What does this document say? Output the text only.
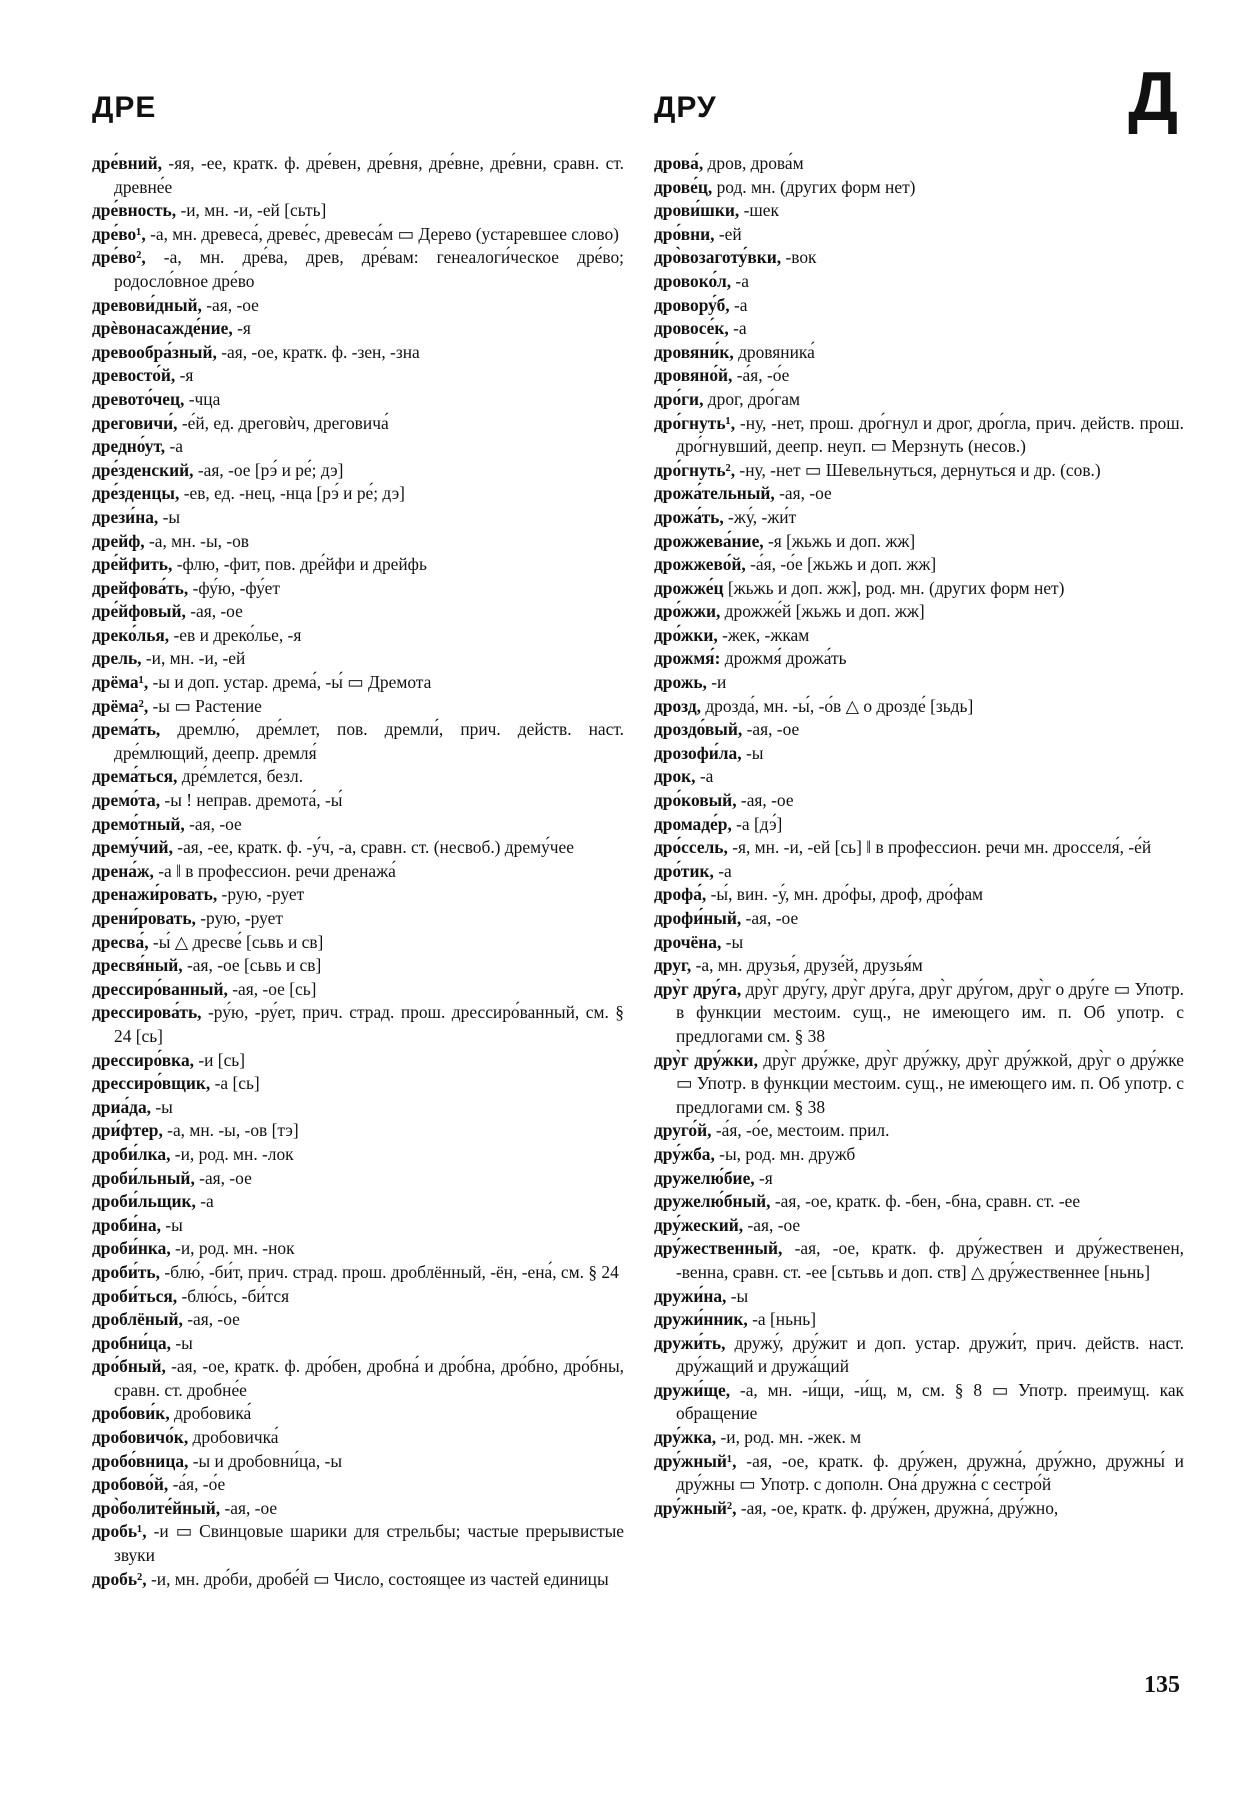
ДРЕ	ДРУ	Д

дре́вний, -яя, -ее, кратк. ф. дре́вен, дре́вня, дре́вне, дре́вни, сравн. ст. древне́е

дре́вность, -и, мн. -и, -ей [сьть]

дре́во¹, -а, мн. древеса́, древе́с, древеса́м ▭ Дерево (устаревшее слово)

дре́во², -а, мн. дре́ва, древ, дре́вам: генеалоги́ческое дре́во; родосло́вное дре́во

древови́дный, -ая, -ое

дрѐвонасажде́ние, -я

древообра́зный, -ая, -ое, кратк. ф. -зен, -зна

древосто́й, -я

древото́чец, -чца

дреговичи́, -е́й, ед. дреговѝч, дреговича́

дредно́ут, -а

дре́зденский, -ая, -ое [рэ́ и ре́; дэ]

дре́зденцы, -ев, ед. -нец, -нца [рэ́ и ре́; дэ]

дрези́на, -ы

дрейф, -а, мн. -ы, -ов

дре́йфить, -флю, -фит, пов. дре́йфи и дрейфь

дрейфова́ть, -фу́ю, -фу́ет

дре́йфовый, -ая, -ое

дреко́лья, -ев и дреко́лье, -я

дрель, -и, мн. -и, -ей

дрёма¹, -ы и доп. устар. дрема́, -ы́ ▭ Дремота

дрёма², -ы ▭ Растение

дрема́ть, дремлю́, дре́млет, пов. дремли́, прич. действ. наст. дре́млющий, деепр. дремля́

дрема́ться, дре́млется, безл.

дремо́та, -ы ! неправ. дремота́, -ы́

дремо́тный, -ая, -ое

дрему́чий, -ая, -ее, кратк. ф. -у́ч, -а, сравн. ст. (несвоб.) дрему́чее

дрена́ж, -а ‖ в профессион. речи дренажа́

дренажи́ровать, -рую, -рует

дрени́ровать, -рую, -рует

дресва́, -ы́ △ дресве́ [сьвь и св]

дресвя́ный, -ая, -ое [сьвь и св]

дрессиро́ванный, -ая, -ое [сь]

дрессирова́ть, -ру́ю, -ру́ет, прич. страд. прош. дрессиро́ванный, см. § 24 [сь]

дрессиро́вка, -и [сь]

дрессиро́вщик, -а [сь]

дриа́да, -ы

дри́фтер, -а, мн. -ы, -ов [тэ]

дроби́лка, -и, род. мн. -лок

дроби́льный, -ая, -ое

дроби́льщик, -а

дроби́на, -ы

дроби́нка, -и, род. мн. -нок

дроби́ть, -блю́, -би́т, прич. страд. прош. дроблённый, -ён, -ена́, см. § 24

дроби́ться, -блю́сь, -би́тся

дроблёный, -ая, -ое

дробни́ца, -ы

дро́бный, -ая, -ое, кратк. ф. дро́бен, дробна́ и дро́бна, дро́бно, дро́бны, сравн. ст. дробне́е

дробови́к, дробовика́

дробовичо́к, дробовичка́

дробо́вница, -ы и дробовни́ца, -ы

дробово́й, -а́я, -о́е

дро̀болите́йный, -ая, -ое

дробь¹, -и ▭ Свинцовые шарики для стрельбы; частые прерывистые звуки

дробь², -и, мн. дро́би, дробе́й ▭ Число, состоящее из частей единицы

дрова́, дров, дрова́м

дрове́ц, род. мн. (других форм нет)

дрови́шки, -шек

дро́вни, -ей

дро̀возаготу́вки, -вок

дровоко́л, -а

дровору́б, -а

дровосе́к, -а

дровяни́к, дровяника́

дровяно́й, -а́я, -о́е

дро́ги, дрог, дро́гам

дро́гнуть¹, -ну, -нет, прош. дро́гнул и дрог, дро́гла, прич. действ. прош. дро́гнувший, деепр. неуп. ▭ Мерзнуть (несов.)

дро́гнуть², -ну, -нет ▭ Шевельнуться, дернуться и др. (сов.)

дрожа́тельный, -ая, -ое

дрожа́ть, -жу́, -жи́т

дрожжева́ние, -я [жьжь и доп. жж]

дрожжево́й, -а́я, -о́е [жьжь и доп. жж]

дрожже́ц [жьжь и доп. жж], род. мн. (других форм нет)

дро́жжи, дрожже́й [жьжь и доп. жж]

дро́жки, -жек, -жкам

дрожмя́: дрожмя́ дрожа́ть

дрожь, -и

дрозд, дрозда́, мн. -ы́, -о́в △ о дрозде́ [зьдь]

дроздо́вый, -ая, -ое

дрозофи́ла, -ы

дрок, -а

дро́ковый, -ая, -ое

дромаде́р, -а [дэ́]

дро́ссель, -я, мн. -и, -ей [сь] ‖ в профессион. речи мн. дросселя́, -е́й

дро́тик, -а

дрофа́, -ы́, вин. -у́, мн. дро́фы, дроф, дро́фам

дрофи́ный, -ая, -ое

дрочёна, -ы

друг, -а, мн. друзья́, друзе́й, друзья́м

дру̀г дру́га, дру̀г дру́гу, дру̀г дру́га, дру̀г дру́гом, дру̀г о дру́ге ▭ Употр. в функции местоим. сущ., не имеющего им. п. Об употр. с предлогами см. § 38

дру̀г дру́жки, дру̀г дру́жке, дру̀г дру́жку, дру̀г дру́жкой, дру̀г о дру́жке ▭ Употр. в функции местоим. сущ., не имеющего им. п. Об употр. с предлогами см. § 38

друго́й, -а́я, -о́е, местоим. прил.

дру́жба, -ы, род. мн. дружб

дружелю́бие, -я

дружелю́бный, -ая, -ое, кратк. ф. -бен, -бна, сравн. ст. -ее

дру́жеский, -ая, -ое

дру́жественный, -ая, -ое, кратк. ф. дру́жествен и дру́жественен, -венна, сравн. ст. -ее [сьтьвь и доп. ств] △ дру́жественнее [ньнь]

дружи́на, -ы

дружи́нник, -а [ньнь]

дружи́ть, дружу́, дру́жит и доп. устар. дружи́т, прич. действ. наст. дру́жащий и дружа́щий

дружи́ще, -а, мн. -и́щи, -и́щ, м, см. § 8 ▭ Употр. преимущ. как обращение

дру́жка, -и, род. мн. -жек. м

дру́жный¹, -ая, -ое, кратк. ф. дру́жен, дружна́, дру́жно, дружны́ и дру́жны ▭ Употр. с дополн. Она́ дружна́ с сестро́й

дру́жный², -ая, -ое, кратк. ф. дру́жен, дружна́, дру́жно,

135
